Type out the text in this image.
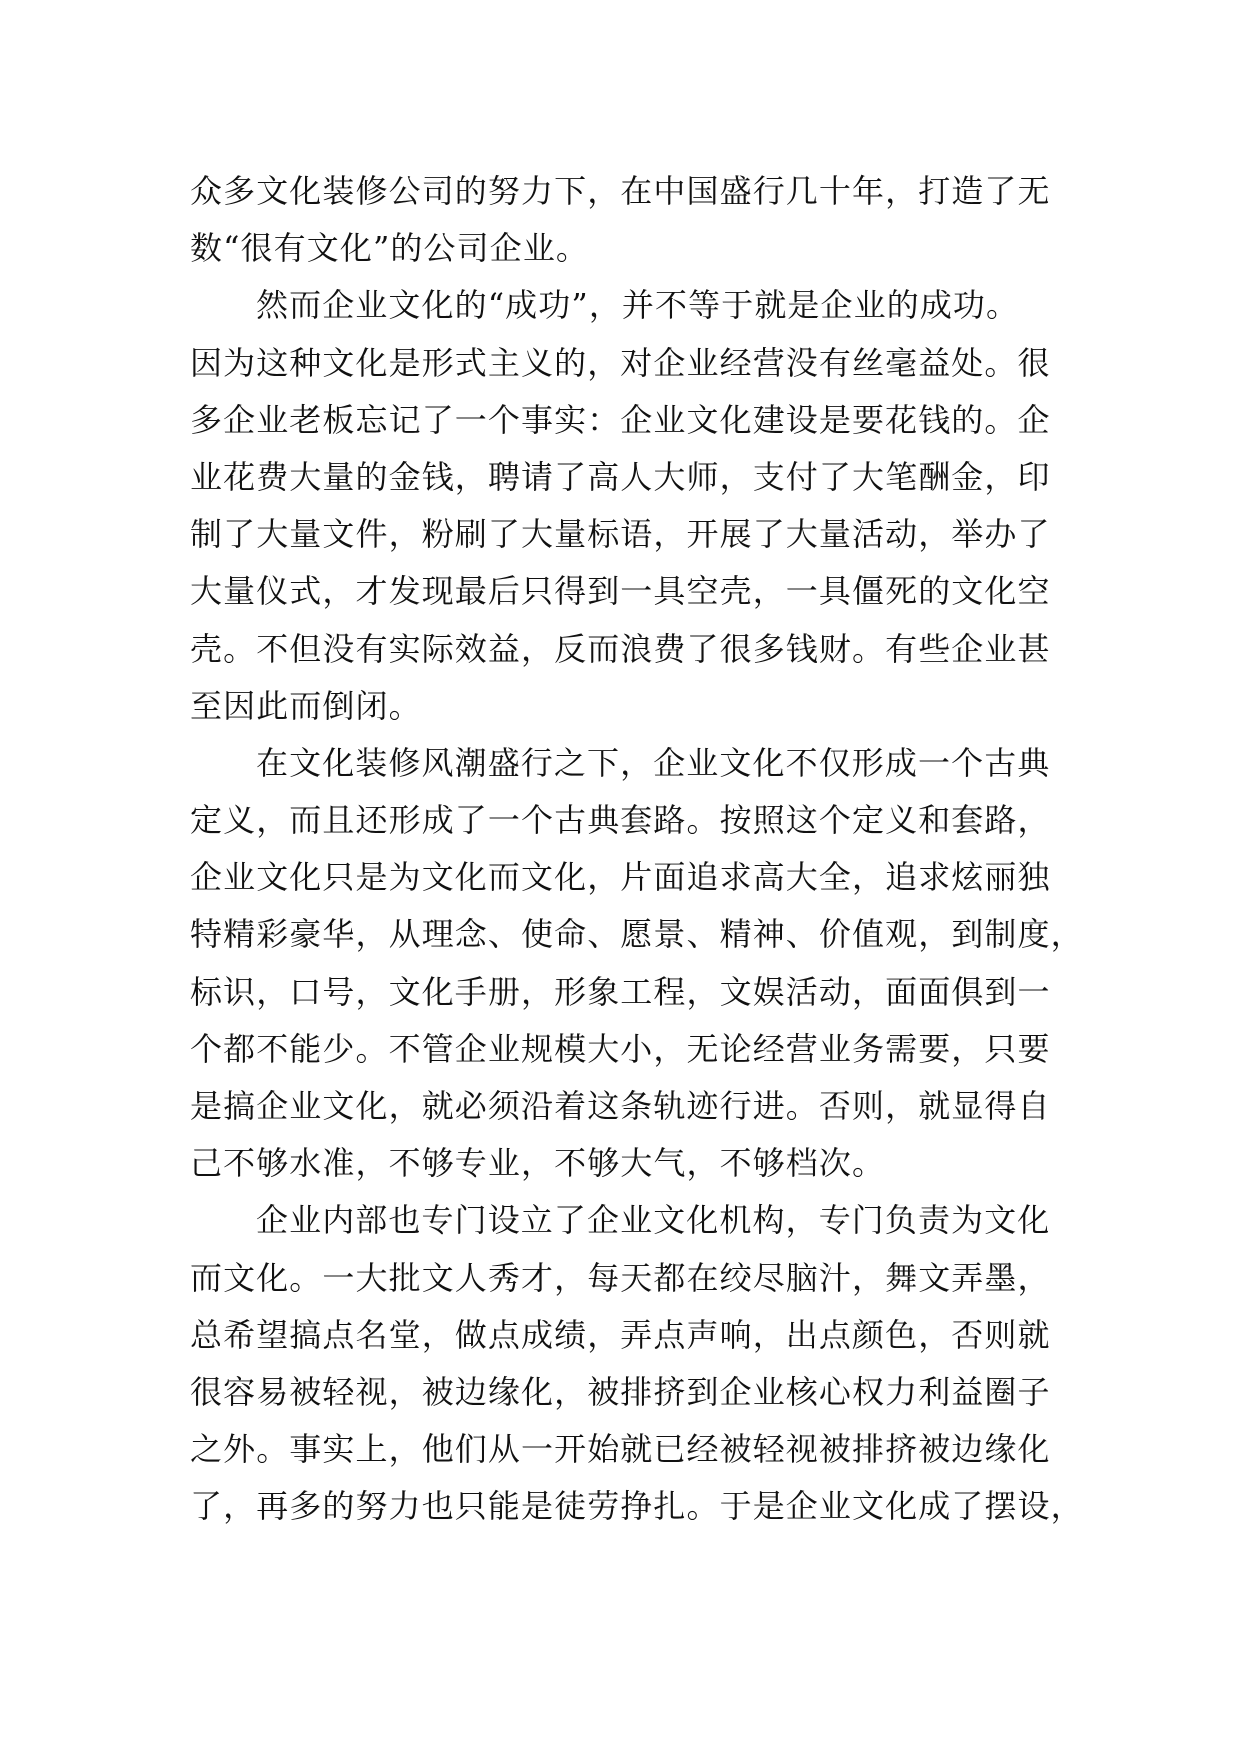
众多文化装修公司的努力下，在中国盛行几十年，打造了无
数“很有文化”的公司企业。
然而企业文化的“成功”，并不等于就是企业的成功。
因为这种文化是形式主义的，对企业经营没有丝毫益处。很
多企业老板忘记了一个事实：企业文化建设是要花钱的。企
业花费大量的金钱，聘请了高人大师，支付了大笔酬金，印
制了大量文件，粉刷了大量标语，开展了大量活动，举办了
大量仪式，才发现最后只得到一具空壳，一具僵死的文化空
壳。不但没有实际效益，反而浪费了很多钱财。有些企业甚
至因此而倒闭。
在文化装修风潮盛行之下，企业文化不仅形成一个古典
定义，而且还形成了一个古典套路。按照这个定义和套路，
企业文化只是为文化而文化，片面追求高大全，追求炫丽独
特精彩豪华，从理念、使命、愿景、精神、价值观，到制度，
标识，口号，文化手册，形象工程，文娱活动，面面俱到一
个都不能少。不管企业规模大小，无论经营业务需要，只要
是搞企业文化，就必须沿着这条轨迹行进。否则，就显得自
己不够水准，不够专业，不够大气，不够档次。
企业内部也专门设立了企业文化机构，专门负责为文化
而文化。一大批文人秀才，每天都在绞尽脑汁，舞文弄墨，
总希望搞点名堂，做点成绩，弄点声响，出点颜色，否则就
很容易被轻视，被边缘化，被排挤到企业核心权力利益圈子
之外。事实上，他们从一开始就已经被轻视被排挤被边缘化
了，再多的努力也只能是徒劳挣扎。于是企业文化成了摆设，
